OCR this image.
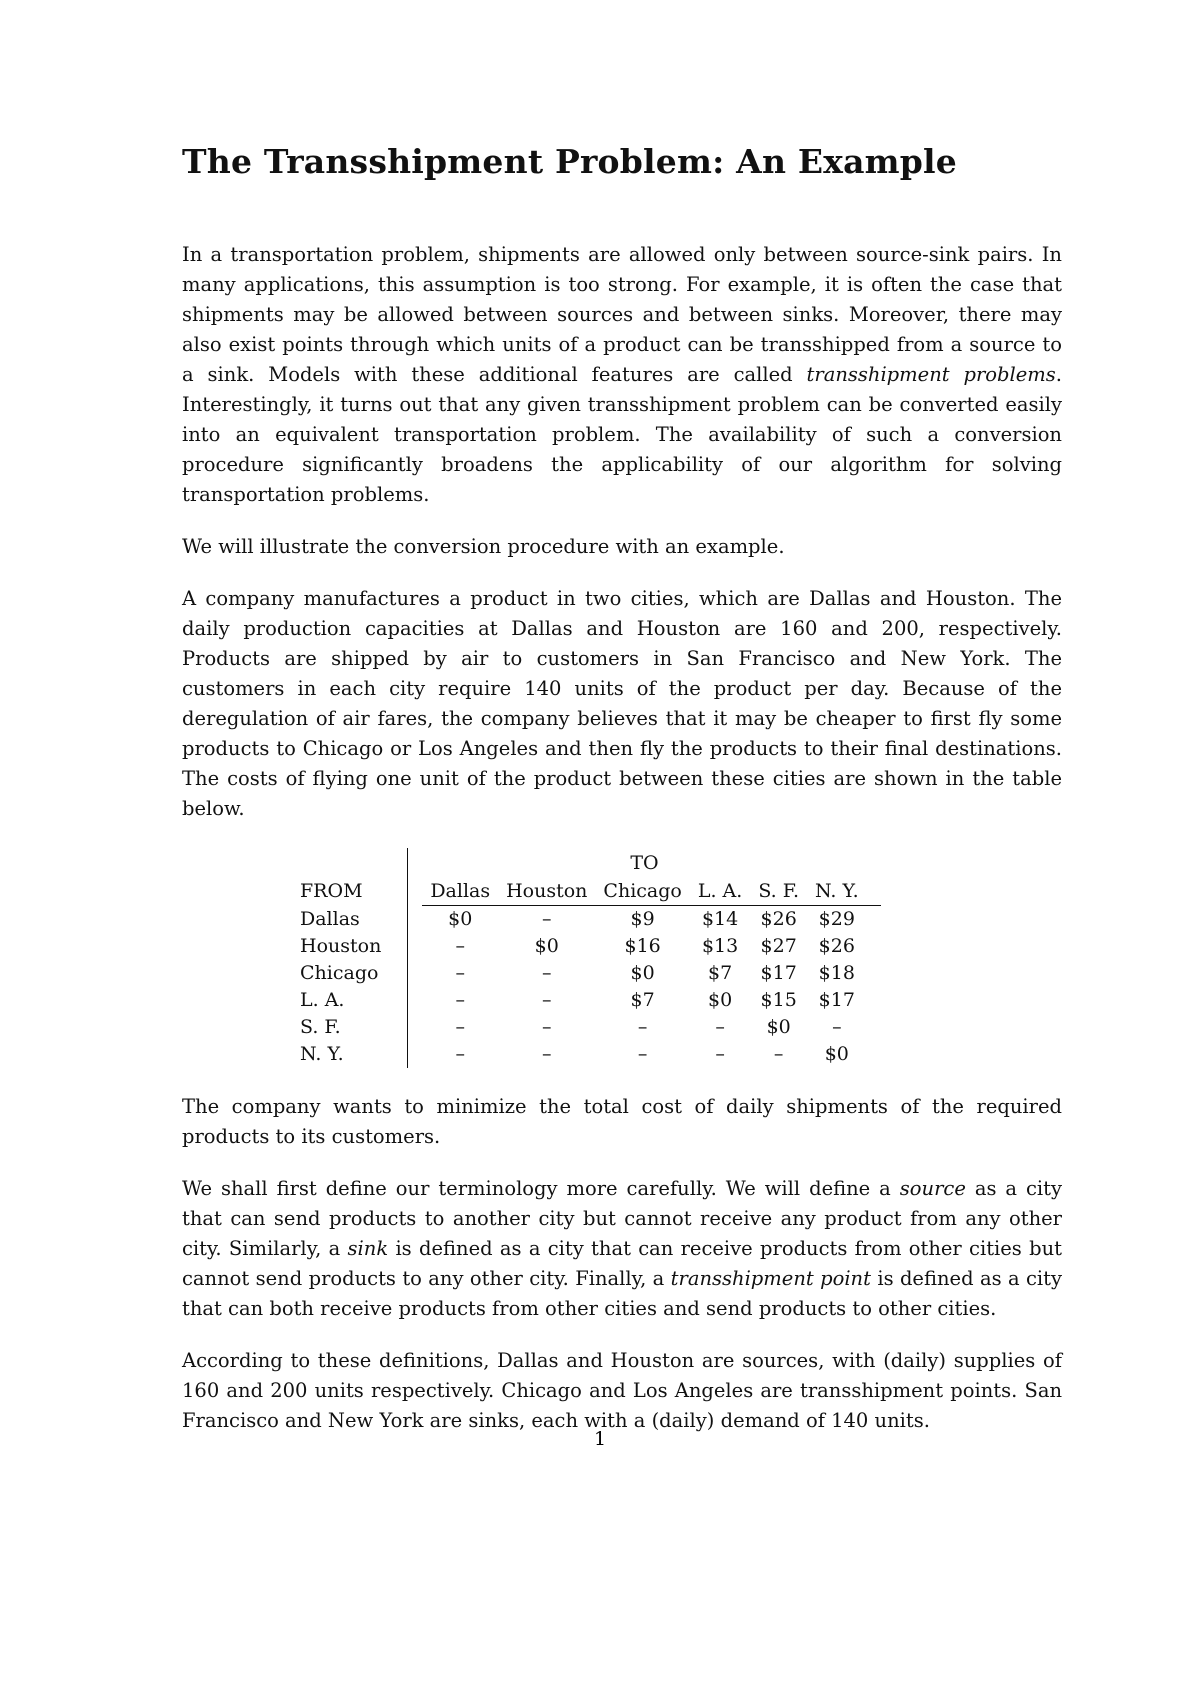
The Transshipment Problem: An Example

In a transportation problem, shipments are allowed only between source-sink pairs. In many applications, this assumption is too strong. For example, it is often the case that shipments may be allowed between sources and between sinks. Moreover, there may also exist points through which units of a product can be transshipped from a source to a sink. Models with these additional features are called transshipment problems. Interestingly, it turns out that any given transshipment problem can be converted easily into an equivalent transportation problem. The availability of such a conversion procedure significantly broadens the applicability of our algorithm for solving transportation problems.

We will illustrate the conversion procedure with an example.

A company manufactures a product in two cities, which are Dallas and Houston. The daily production capacities at Dallas and Houston are 160 and 200, respectively. Products are shipped by air to customers in San Francisco and New York. The customers in each city require 140 units of the product per day. Because of the deregulation of air fares, the company believes that it may be cheaper to first fly some products to Chicago or Los Angeles and then fly the products to their final destinations. The costs of flying one unit of the product between these cities are shown in the table below.

		TO						
FROM		Dallas	Houston	Chicago	L. A.	S. F.	N. Y.	
Dallas		$0	–	$9	$14	$26	$29	
Houston		–	$0	$16	$13	$27	$26	
Chicago		–	–	$0	$7	$17	$18	
L. A.		–	–	$7	$0	$15	$17	
S. F.		–	–	–	–	$0	–	
N. Y.		–	–	–	–	–	$0	

The company wants to minimize the total cost of daily shipments of the required products to its customers.

We shall first define our terminology more carefully. We will define a source as a city that can send products to another city but cannot receive any product from any other city. Similarly, a sink is defined as a city that can receive products from other cities but cannot send products to any other city. Finally, a transshipment point is defined as a city that can both receive products from other cities and send products to other cities.

According to these definitions, Dallas and Houston are sources, with (daily) supplies of 160 and 200 units respectively. Chicago and Los Angeles are transshipment points. San Francisco and New York are sinks, each with a (daily) demand of 140 units.

1
